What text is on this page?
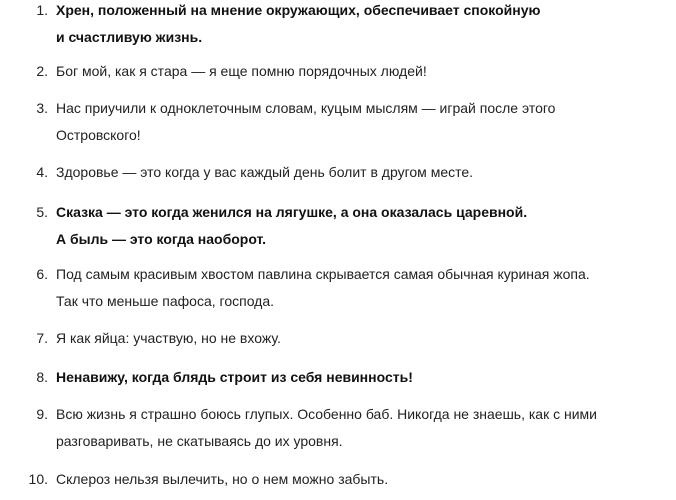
1. Хрен, положенный на мнение окружающих, обеспечивает спокойную
и счастливую жизнь.
2. Бог мой, как я стара — я еще помню порядочных людей!
3. Нас приучили к одноклеточным словам, куцым мыслям — играй после этого
Островского!
4. Здоровье — это когда у вас каждый день болит в другом месте.
5. Сказка — это когда женился на лягушке, а она оказалась царевной.
А быль — это когда наоборот.
6. Под самым красивым хвостом павлина скрывается самая обычная куриная жопа.
Так что меньше пафоса, господа.
7. Я как яйца: участвую, но не вхожу.
8. Ненавижу, когда блядь строит из себя невинность!
9. Всю жизнь я страшно боюсь глупых. Особенно баб. Никогда не знаешь, как с ними
разговаривать, не скатываясь до их уровня.
10. Склероз нельзя вылечить, но о нем можно забыть.
